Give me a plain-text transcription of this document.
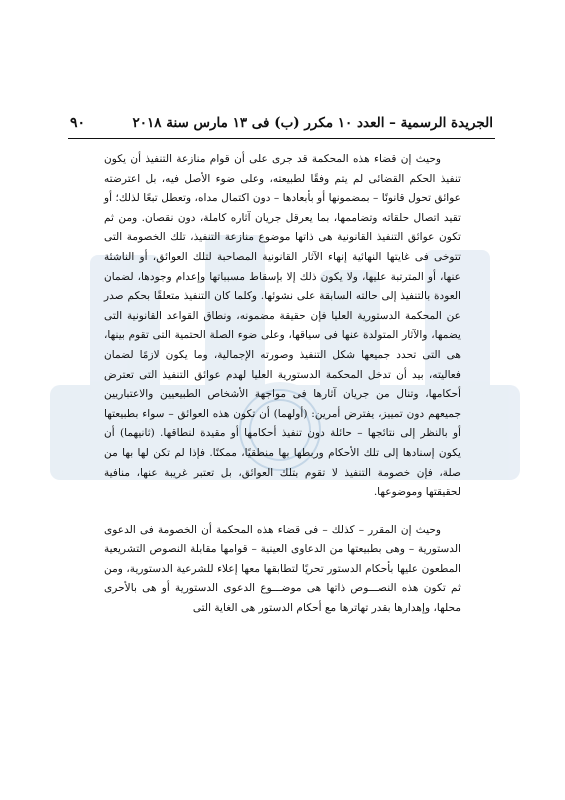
الجريدة الرسمية – العدد ١٠ مكرر (ب) فى ١٣ مارس سنة ٢٠١٨
٩٠

وحيث إن قضاء هذه المحكمة قد جرى على أن قوام منازعة التنفيذ أن يكون تنفيذ الحكم القضائى لم يتم وفقًا لطبيعته، وعلى ضوء الأصل فيه، بل اعترضته عوائق تحول قانونًا – بمضمونها أو بأبعادها – دون اكتمال مداه، وتعطل تبعًا لذلك؛ أو تقيد اتصال حلقاته وتضاممها، بما يعرقل جريان آثاره كاملة، دون نقصان. ومن ثم تكون عوائق التنفيذ القانونية هى ذاتها موضوع منازعة التنفيذ، تلك الخصومة التى تتوخى فى غايتها النهائية إنهاء الآثار القانونية المصاحبة لتلك العوائق، أو الناشئة عنها، أو المترتبة عليها، ولا يكون ذلك إلا بإسقاط مسبباتها وإعدام وجودها، لضمان العودة بالتنفيذ إلى حالته السابقة على نشوئها. وكلما كان التنفيذ متعلقًا بحكم صدر عن المحكمة الدستورية العليا فإن حقيقة مضمونه، ونطاق القواعد القانونية التى يضمها، والآثار المتولدة عنها فى سياقها، وعلى ضوء الصلة الحتمية التى تقوم بينها، هى التى تحدد جميعها شكل التنفيذ وصورته الإجمالية، وما يكون لازمًا لضمان فعاليته، بيد أن تدخل المحكمة الدستورية العليا لهدم عوائق التنفيذ التى تعترض أحكامها، وتنال من جريان آثارها فى مواجهة الأشخاص الطبيعيين والاعتباريين جميعهم دون تمييز، يفترض أمرين: (أولهما) أن تكون هذه العوائق – سواء بطبيعتها أو بالنظر إلى نتائجها – حائلة دون تنفيذ أحكامها أو مقيدة لنطاقها. (ثانيهما) أن يكون إسنادها إلى تلك الأحكام وربطها بها منطقيًا، ممكنًا. فإذا لم تكن لها بها من صلة، فإن خصومة التنفيذ لا تقوم بتلك العوائق، بل تعتبر غريبة عنها، منافية لحقيقتها وموضوعها.

وحيث إن المقرر – كذلك – فى قضاء هذه المحكمة أن الخصومة فى الدعوى الدستورية – وهى بطبيعتها من الدعاوى العينية – قوامها مقابلة النصوص التشريعية المطعون عليها بأحكام الدستور تحريًا لتطابقها معها إعلاء للشرعية الدستورية، ومن ثم تكون هذه النصـــوص ذاتها هى موضـــوع الدعوى الدستورية أو هى بالأحرى محلها، وإهدارها بقدر تهاترها مع أحكام الدستور هى الغاية التى
